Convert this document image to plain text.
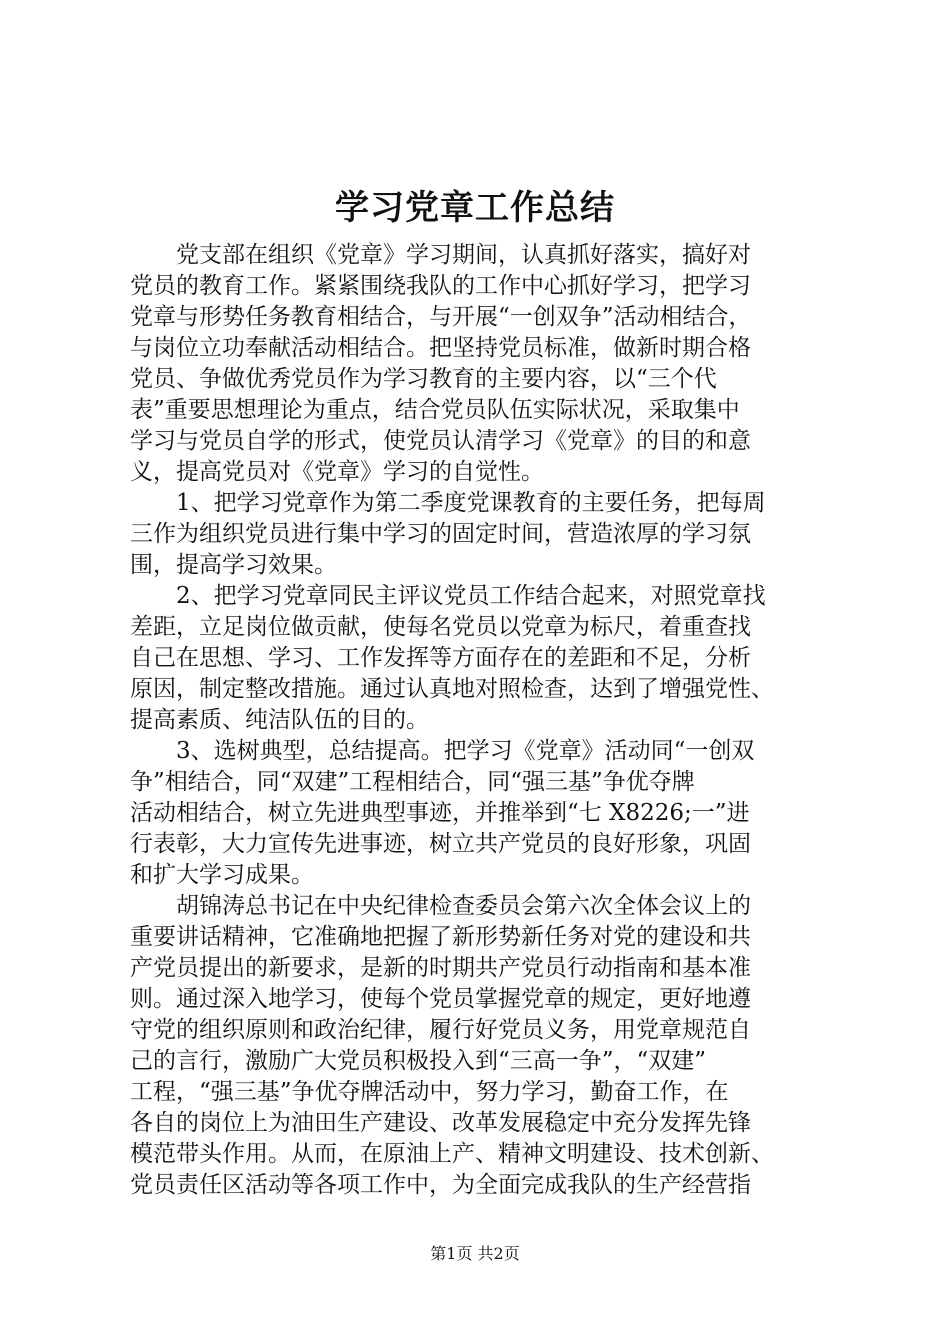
学习党章工作总结
　　党支部在组织《党章》学习期间，认真抓好落实，搞好对
党员的教育工作。紧紧围绕我队的工作中心抓好学习，把学习
党章与形势任务教育相结合，与开展“一创双争”活动相结合，
与岗位立功奉献活动相结合。把坚持党员标准，做新时期合格
党员、争做优秀党员作为学习教育的主要内容，以“三个代
表”重要思想理论为重点，结合党员队伍实际状况，采取集中
学习与党员自学的形式，使党员认清学习《党章》的目的和意
义，提高党员对《党章》学习的自觉性。
　　1、把学习党章作为第二季度党课教育的主要任务，把每周
三作为组织党员进行集中学习的固定时间，营造浓厚的学习氛
围，提高学习效果。
　　2、把学习党章同民主评议党员工作结合起来，对照党章找
差距，立足岗位做贡献，使每名党员以党章为标尺，着重查找
自己在思想、学习、工作发挥等方面存在的差距和不足，分析
原因，制定整改措施。通过认真地对照检查，达到了增强党性、
提高素质、纯洁队伍的目的。
　　3、选树典型，总结提高。把学习《党章》活动同“一创双
争”相结合，同“双建”工程相结合，同“强三基”争优夺牌
活动相结合，树立先进典型事迹，并推举到“七 X8226;一”进
行表彰，大力宣传先进事迹，树立共产党员的良好形象，巩固
和扩大学习成果。
　　胡锦涛总书记在中央纪律检查委员会第六次全体会议上的
重要讲话精神，它准确地把握了新形势新任务对党的建设和共
产党员提出的新要求，是新的时期共产党员行动指南和基本准
则。通过深入地学习，使每个党员掌握党章的规定，更好地遵
守党的组织原则和政治纪律，履行好党员义务，用党章规范自
己的言行，激励广大党员积极投入到“三高一争”，“双建”
工程，“强三基”争优夺牌活动中，努力学习，勤奋工作，在
各自的岗位上为油田生产建设、改革发展稳定中充分发挥先锋
模范带头作用。从而，在原油上产、精神文明建设、技术创新、
党员责任区活动等各项工作中，为全面完成我队的生产经营指
第1页 共2页
